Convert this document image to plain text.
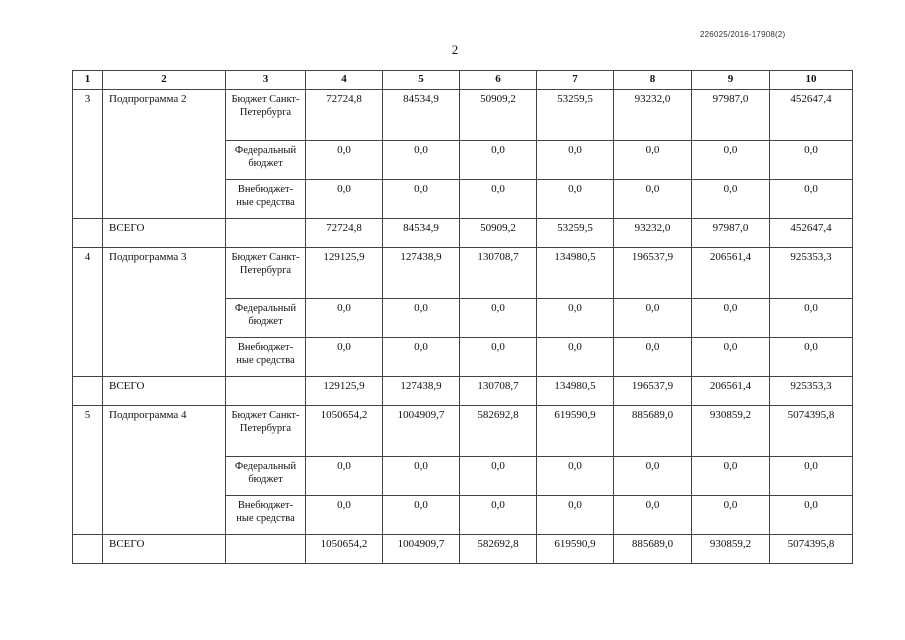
226025/2016-17908(2)
2
1	2	3	4	5	6	7	8	9	10
3	Подпрограмма 2	Бюджет Санкт-Петербурга	72724,8	84534,9	50909,2	53259,5	93232,0	97987,0	452647,4
		Федеральный бюджет	0,0	0,0	0,0	0,0	0,0	0,0	0,0
		Внебюджет-ные средства	0,0	0,0	0,0	0,0	0,0	0,0	0,0
	ВСЕГО		72724,8	84534,9	50909,2	53259,5	93232,0	97987,0	452647,4
4	Подпрограмма 3	Бюджет Санкт-Петербурга	129125,9	127438,9	130708,7	134980,5	196537,9	206561,4	925353,3
		Федеральный бюджет	0,0	0,0	0,0	0,0	0,0	0,0	0,0
		Внебюджет-ные средства	0,0	0,0	0,0	0,0	0,0	0,0	0,0
	ВСЕГО		129125,9	127438,9	130708,7	134980,5	196537,9	206561,4	925353,3
5	Подпрограмма 4	Бюджет Санкт-Петербурга	1050654,2	1004909,7	582692,8	619590,9	885689,0	930859,2	5074395,8
		Федеральный бюджет	0,0	0,0	0,0	0,0	0,0	0,0	0,0
		Внебюджет-ные средства	0,0	0,0	0,0	0,0	0,0	0,0	0,0
	ВСЕГО		1050654,2	1004909,7	582692,8	619590,9	885689,0	930859,2	5074395,8
